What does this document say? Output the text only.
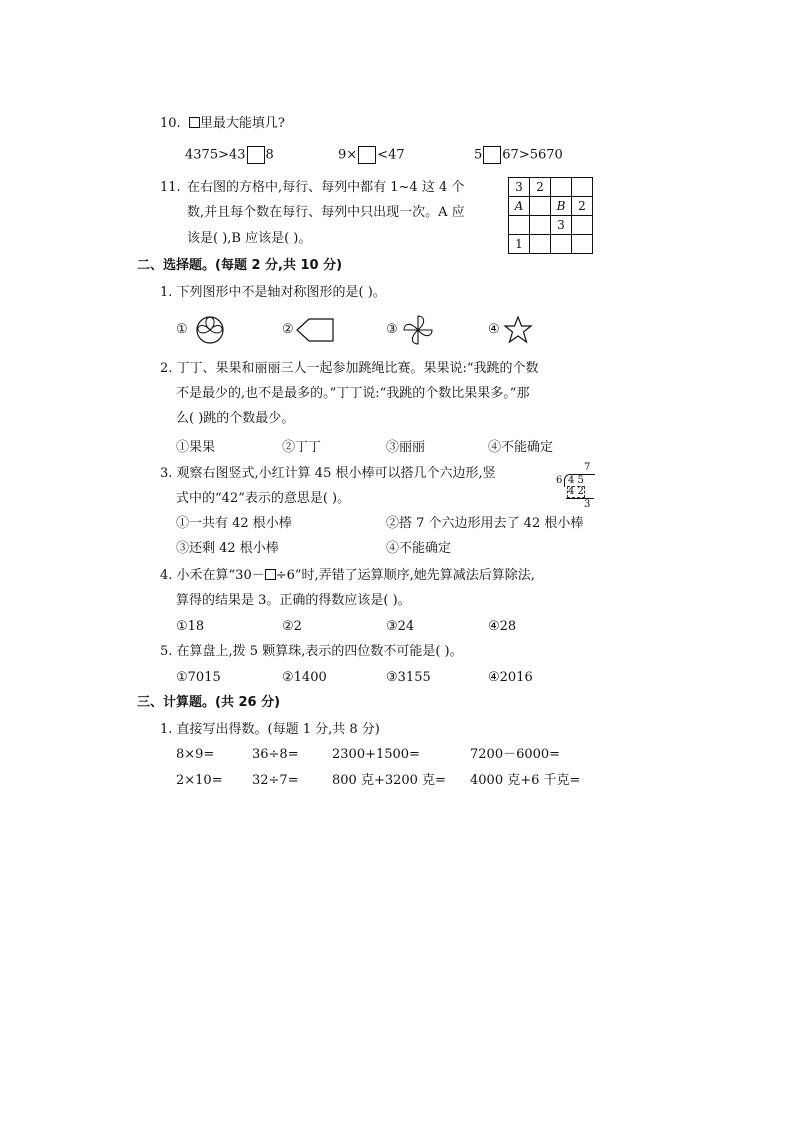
10. 里最大能填几?
4375>43 8	9× <47	5 67>5670
11. 在右图的方格中,每行、每列中都有 1~4 这 4 个
数,并且每个数在每行、每列中只出现一次。A 应
该是( ),B 应该是( )。
3	2		
A		B	2
		3	
1			
二、选择题。(每题 2 分,共 10 分)
1. 下列图形中不是轴对称图形的是( )。
①	②	③	④
2. 丁丁、果果和丽丽三人一起参加跳绳比赛。果果说:“我跳的个数
不是最少的,也不是最多的。”丁丁说:“我跳的个数比果果多。”那
么( )跳的个数最少。
①果果	②丁丁	③丽丽	④不能确定
3. 观察右图竖式,小红计算 45 根小棒可以搭几个六边形,竖
式中的“42”表示的意思是( )。
7
6 4 5
4 2
3
①一共有 42 根小棒	②搭 7 个六边形用去了 42 根小棒
③还剩 42 根小棒	④不能确定
4. 小禾在算“30－ ÷6”时,弄错了运算顺序,她先算减法后算除法,
算得的结果是 3。正确的得数应该是( )。
①18	②2	③24	④28
5. 在算盘上,拨 5 颗算珠,表示的四位数不可能是( )。
①7015	②1400	③3155	④2016
三、计算题。(共 26 分)
1. 直接写出得数。(每题 1 分,共 8 分)
8×9=	36÷8=	2300+1500=	7200－6000=
2×10= 32÷7=	800 克+3200 克= 4000 克+6 千克=
